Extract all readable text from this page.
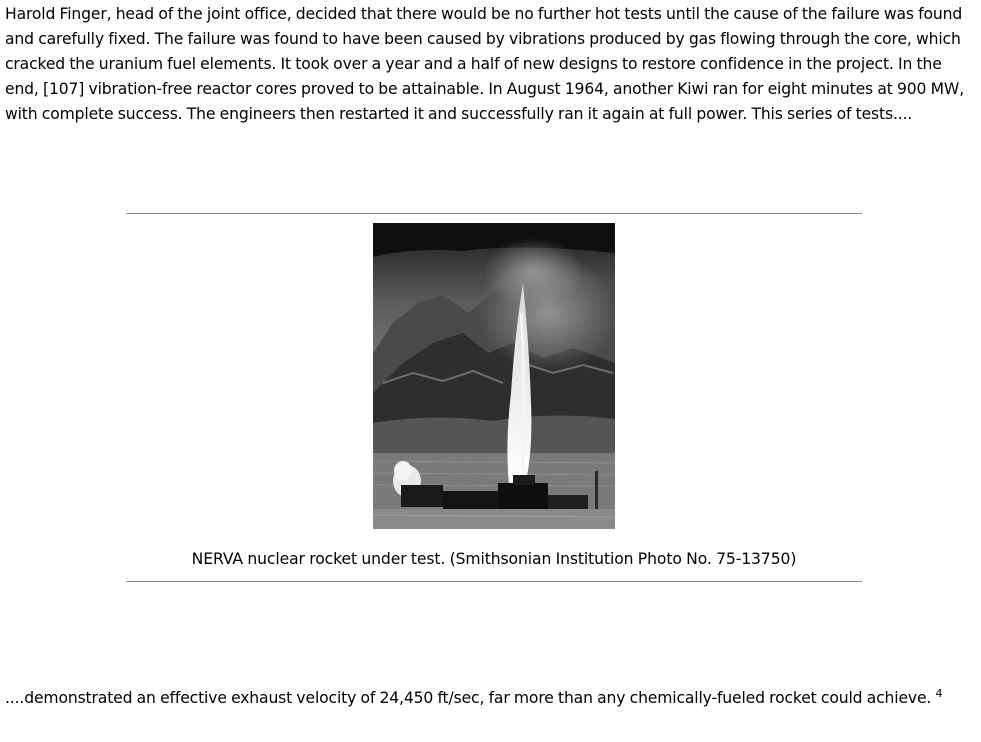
Harold Finger, head of the joint office, decided that there would be no further hot tests until the cause of the failure was found and carefully fixed. The failure was found to have been caused by vibrations produced by gas flowing through the core, which cracked the uranium fuel elements. It took over a year and a half of new designs to restore confidence in the project. In the end, [107] vibration-free reactor cores proved to be attainable. In August 1964, another Kiwi ran for eight minutes at 900 MW, with complete success. The engineers then restarted it and successfully ran it again at full power. This series of tests....

NERVA nuclear rocket under test. (Smithsonian Institution Photo No. 75-13750)

....demonstrated an effective exhaust velocity of 24,450 ft/sec, far more than any chemically-fueled rocket could achieve. $^4$
